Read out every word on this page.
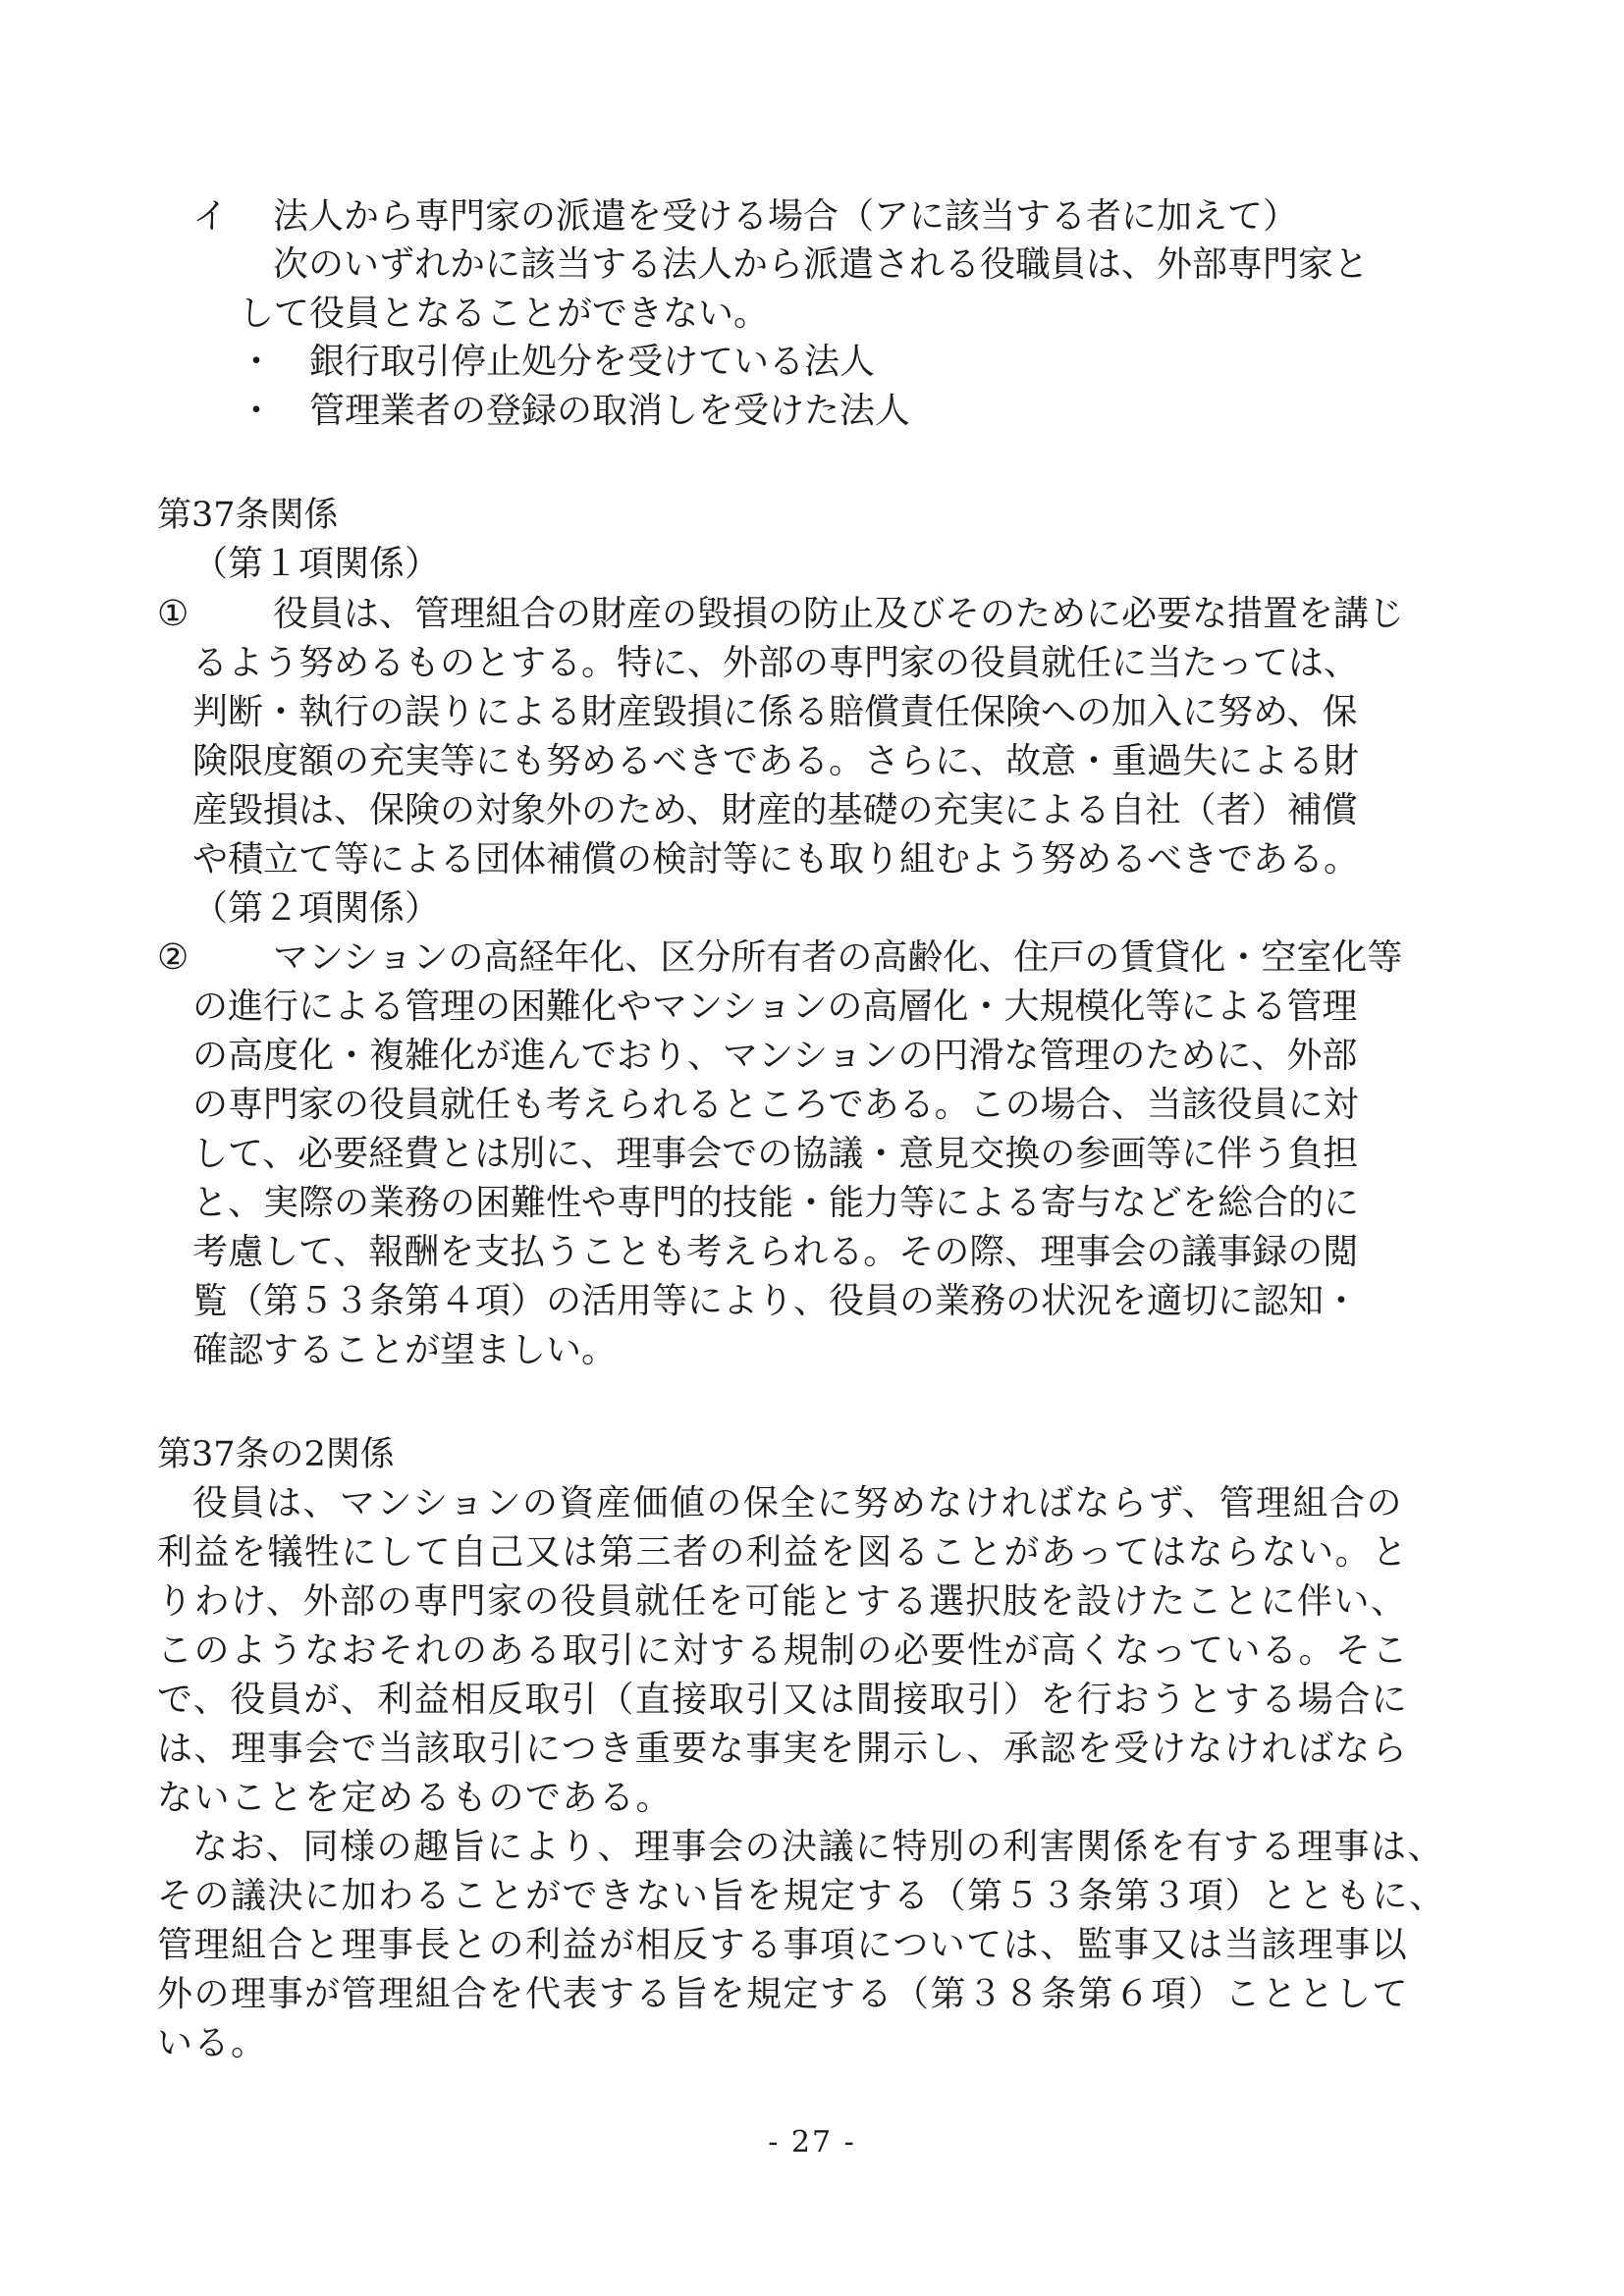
イ 法人から専門家の派遣を受ける場合（アに該当する者に加えて）
次のいずれかに該当する法人から派遣される役職員は、外部専門家と
して役員となることができない。
・ 銀行取引停止処分を受けている法人
・ 管理業者の登録の取消しを受けた法人
第37条関係
（第１項関係）
① 役員は、管理組合の財産の毀損の防止及びそのために必要な措置を講じ
るよう努めるものとする。特に、外部の専門家の役員就任に当たっては、
判断・執行の誤りによる財産毀損に係る賠償責任保険への加入に努め、保
険限度額の充実等にも努めるべきである。さらに、故意・重過失による財
産毀損は、保険の対象外のため、財産的基礎の充実による自社（者）補償
や積立て等による団体補償の検討等にも取り組むよう努めるべきである。
（第２項関係）
② マンションの高経年化、区分所有者の高齢化、住戸の賃貸化・空室化等
の進行による管理の困難化やマンションの高層化・大規模化等による管理
の高度化・複雑化が進んでおり、マンションの円滑な管理のために、外部
の専門家の役員就任も考えられるところである。この場合、当該役員に対
して、必要経費とは別に、理事会での協議・意見交換の参画等に伴う負担
と、実際の業務の困難性や専門的技能・能力等による寄与などを総合的に
考慮して、報酬を支払うことも考えられる。その際、理事会の議事録の閲
覧（第５３条第４項）の活用等により、役員の業務の状況を適切に認知・
確認することが望ましい。
第37条の2関係
役員は、マンションの資産価値の保全に努めなければならず、管理組合の
利益を犠牲にして自己又は第三者の利益を図ることがあってはならない。と
りわけ、外部の専門家の役員就任を可能とする選択肢を設けたことに伴い、
このようなおそれのある取引に対する規制の必要性が高くなっている。そこ
で、役員が、利益相反取引（直接取引又は間接取引）を行おうとする場合に
は、理事会で当該取引につき重要な事実を開示し、承認を受けなければなら
ないことを定めるものである。
なお、同様の趣旨により、理事会の決議に特別の利害関係を有する理事は、
その議決に加わることができない旨を規定する（第５３条第３項）とともに、
管理組合と理事長との利益が相反する事項については、監事又は当該理事以
外の理事が管理組合を代表する旨を規定する（第３８条第６項）こととして
いる。
- 27 -
